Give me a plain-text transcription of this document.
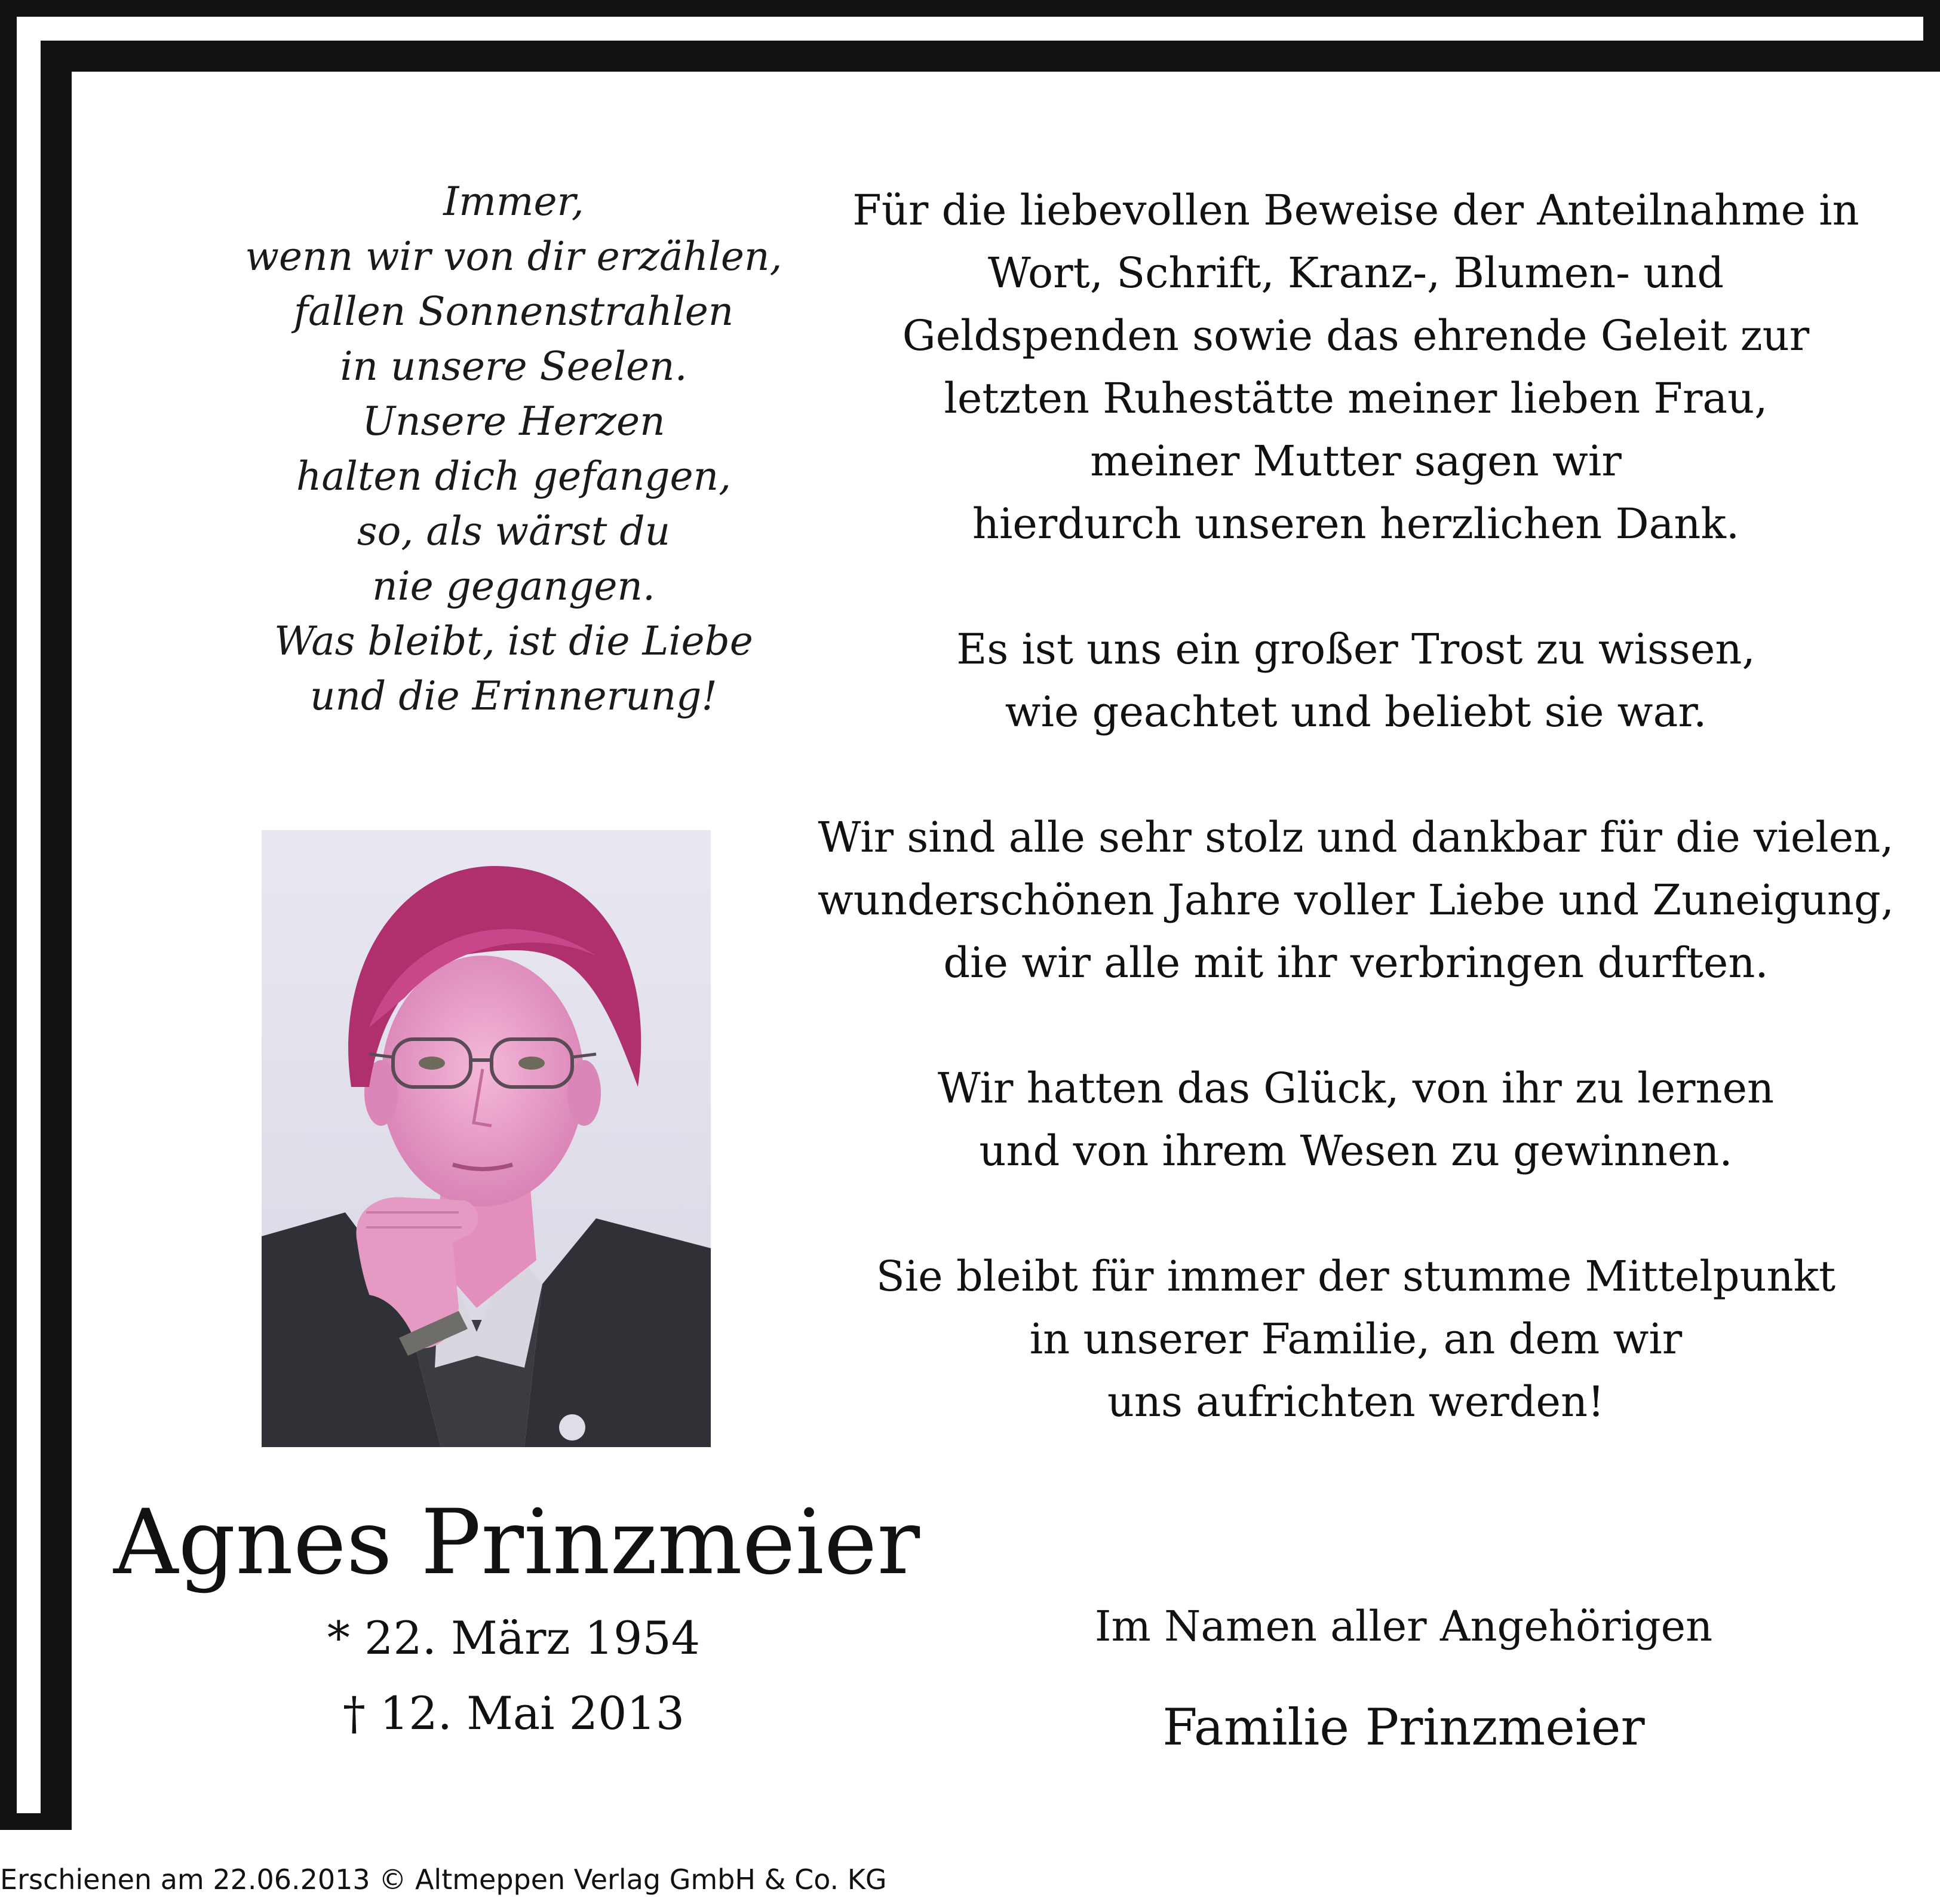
Immer,
wenn wir von dir erzählen,
fallen Sonnenstrahlen
in unsere Seelen.
Unsere Herzen
halten dich gefangen,
so, als wärst du
nie gegangen.
Was bleibt, ist die Liebe
und die Erinnerung!
Agnes Prinzmeier
* 22. März 1954
† 12. Mai 2013

Für die liebevollen Beweise der Anteilnahme in
Wort, Schrift, Kranz-, Blumen- und
Geldspenden sowie das ehrende Geleit zur
letzten Ruhestätte meiner lieben Frau,
meiner Mutter sagen wir
hierdurch unseren herzlichen Dank.

Es ist uns ein großer Trost zu wissen,
wie geachtet und beliebt sie war.

Wir sind alle sehr stolz und dankbar für die vielen,
wunderschönen Jahre voller Liebe und Zuneigung,
die wir alle mit ihr verbringen durften.

Wir hatten das Glück, von ihr zu lernen
und von ihrem Wesen zu gewinnen.

Sie bleibt für immer der stumme Mittelpunkt
in unserer Familie, an dem wir
uns aufrichten werden!

Im Namen aller Angehörigen
Familie Prinzmeier
Erschienen am 22.06.2013 © Altmeppen Verlag GmbH & Co. KG
